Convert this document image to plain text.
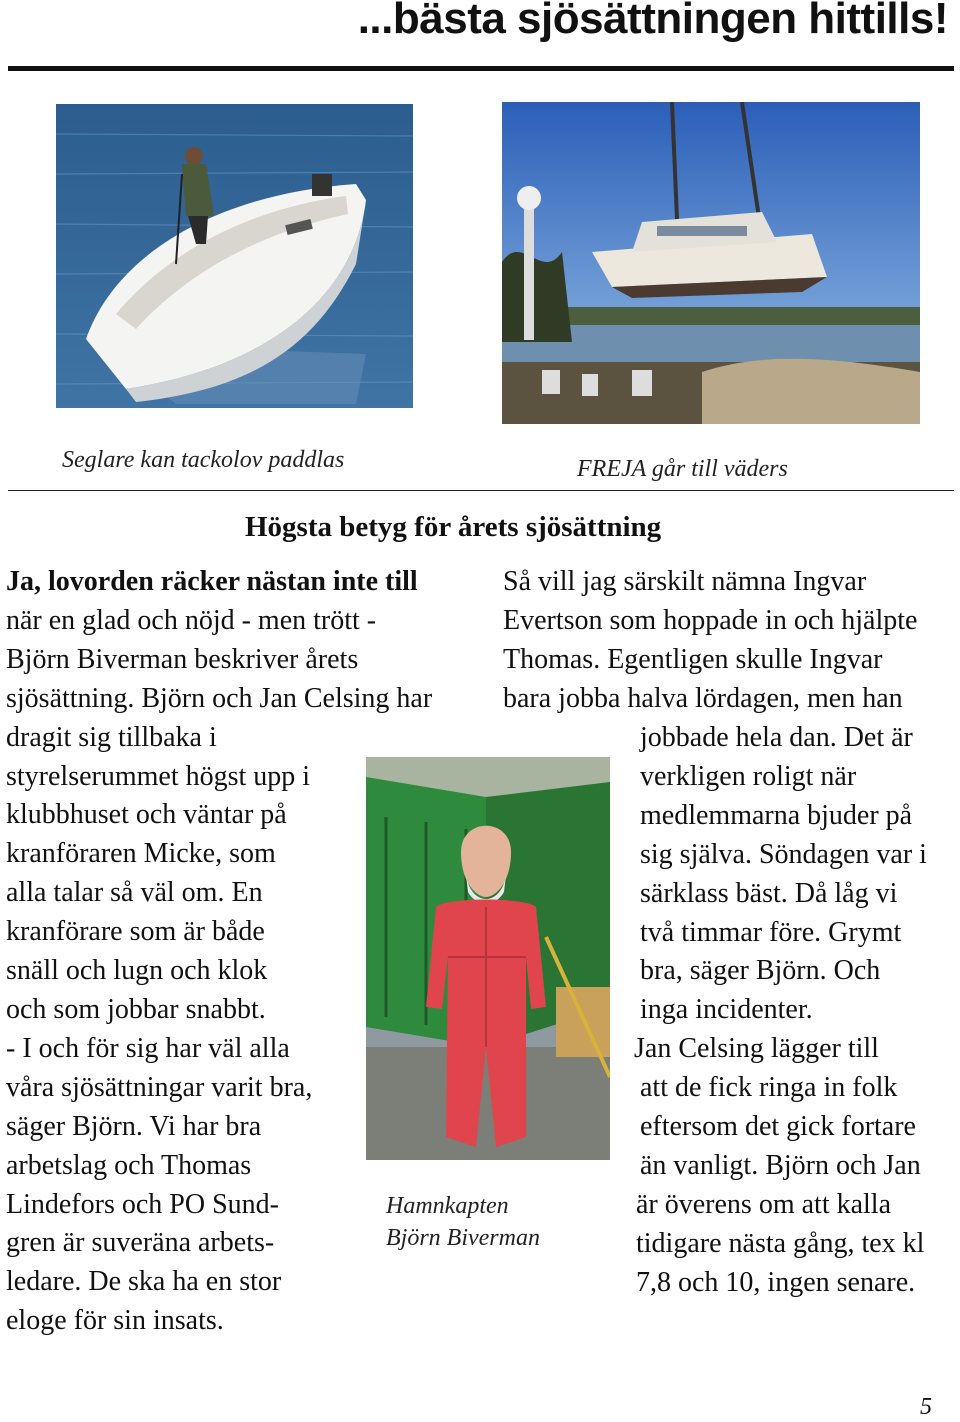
...bästa sjösättningen hittills!
Seglare kan tackolov paddlas	FREJA går till väders
Högsta betyg för årets sjösättning
Ja, lovorden räcker nästan inte till
när en glad och nöjd - men trött -
Björn Biverman beskriver årets
sjösättning. Björn och Jan Celsing har
dragit sig tillbaka i
styrelserummet högst upp i
klubbhuset och väntar på
kranföraren Micke, som
alla talar så väl om. En
kranförare som är både
snäll och lugn och klok
och som jobbar snabbt.
- I och för sig har väl alla
våra sjösättningar varit bra,
säger Björn. Vi har bra
arbetslag och Thomas
Lindefors och PO Sund-
gren är suveräna arbets-
ledare. De ska ha en stor
eloge för sin insats.
Så vill jag särskilt nämna Ingvar
Evertson som hoppade in och hjälpte
Thomas. Egentligen skulle Ingvar
bara jobba halva lördagen, men han
Hamnkapten
Björn Biverman
jobbade hela dan. Det är
verkligen roligt när
medlemmarna bjuder på
sig själva. Söndagen var i
särklass bäst. Då låg vi
två timmar före. Grymt
bra, säger Björn. Och
inga incidenter.
Jan Celsing lägger till
att de fick ringa in folk
eftersom det gick fortare
än vanligt. Björn och Jan
är överens om att kalla
tidigare nästa gång, tex kl
7,8 och 10, ingen senare.
5
